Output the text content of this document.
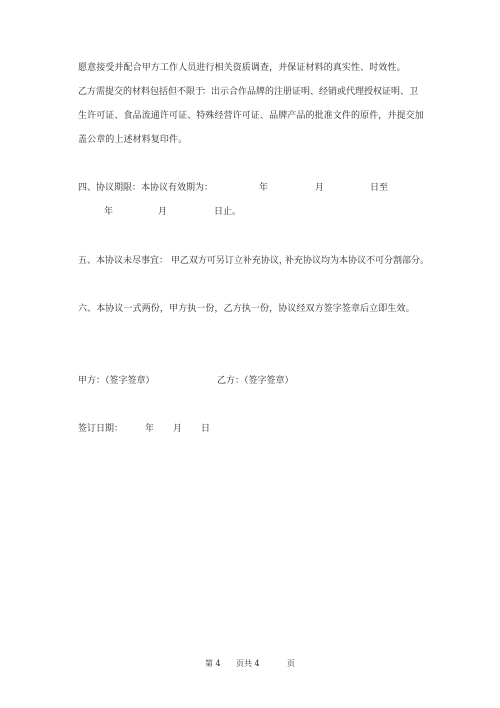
愿意接受并配合甲方工作人员进行相关资质调查，并保证材料的真实性、时效性。
乙方需提交的材料包括但不限于
：出示合作品牌的注册证明、经销或代理授权证明、卫
生许可证、食品流通许可证、特殊经营许可证、品牌产品的批准文件的原件，并提交加
盖公章的上述材料复印件。
四、协议期限：本协议有效期为：	年	月	日至
年	月	日止。
五、本协议未尽事宜： 甲乙双方可另订立补充协议，
补充协议均为本协议不可分割部分。
六、本协议一式两份，甲方执一份，乙方执一份，协议经双方签字签章后立即生效。
甲方：（签字签章）	乙方：（签字签章）
签订日期： 年 月 日
第 4 页共 4	页
